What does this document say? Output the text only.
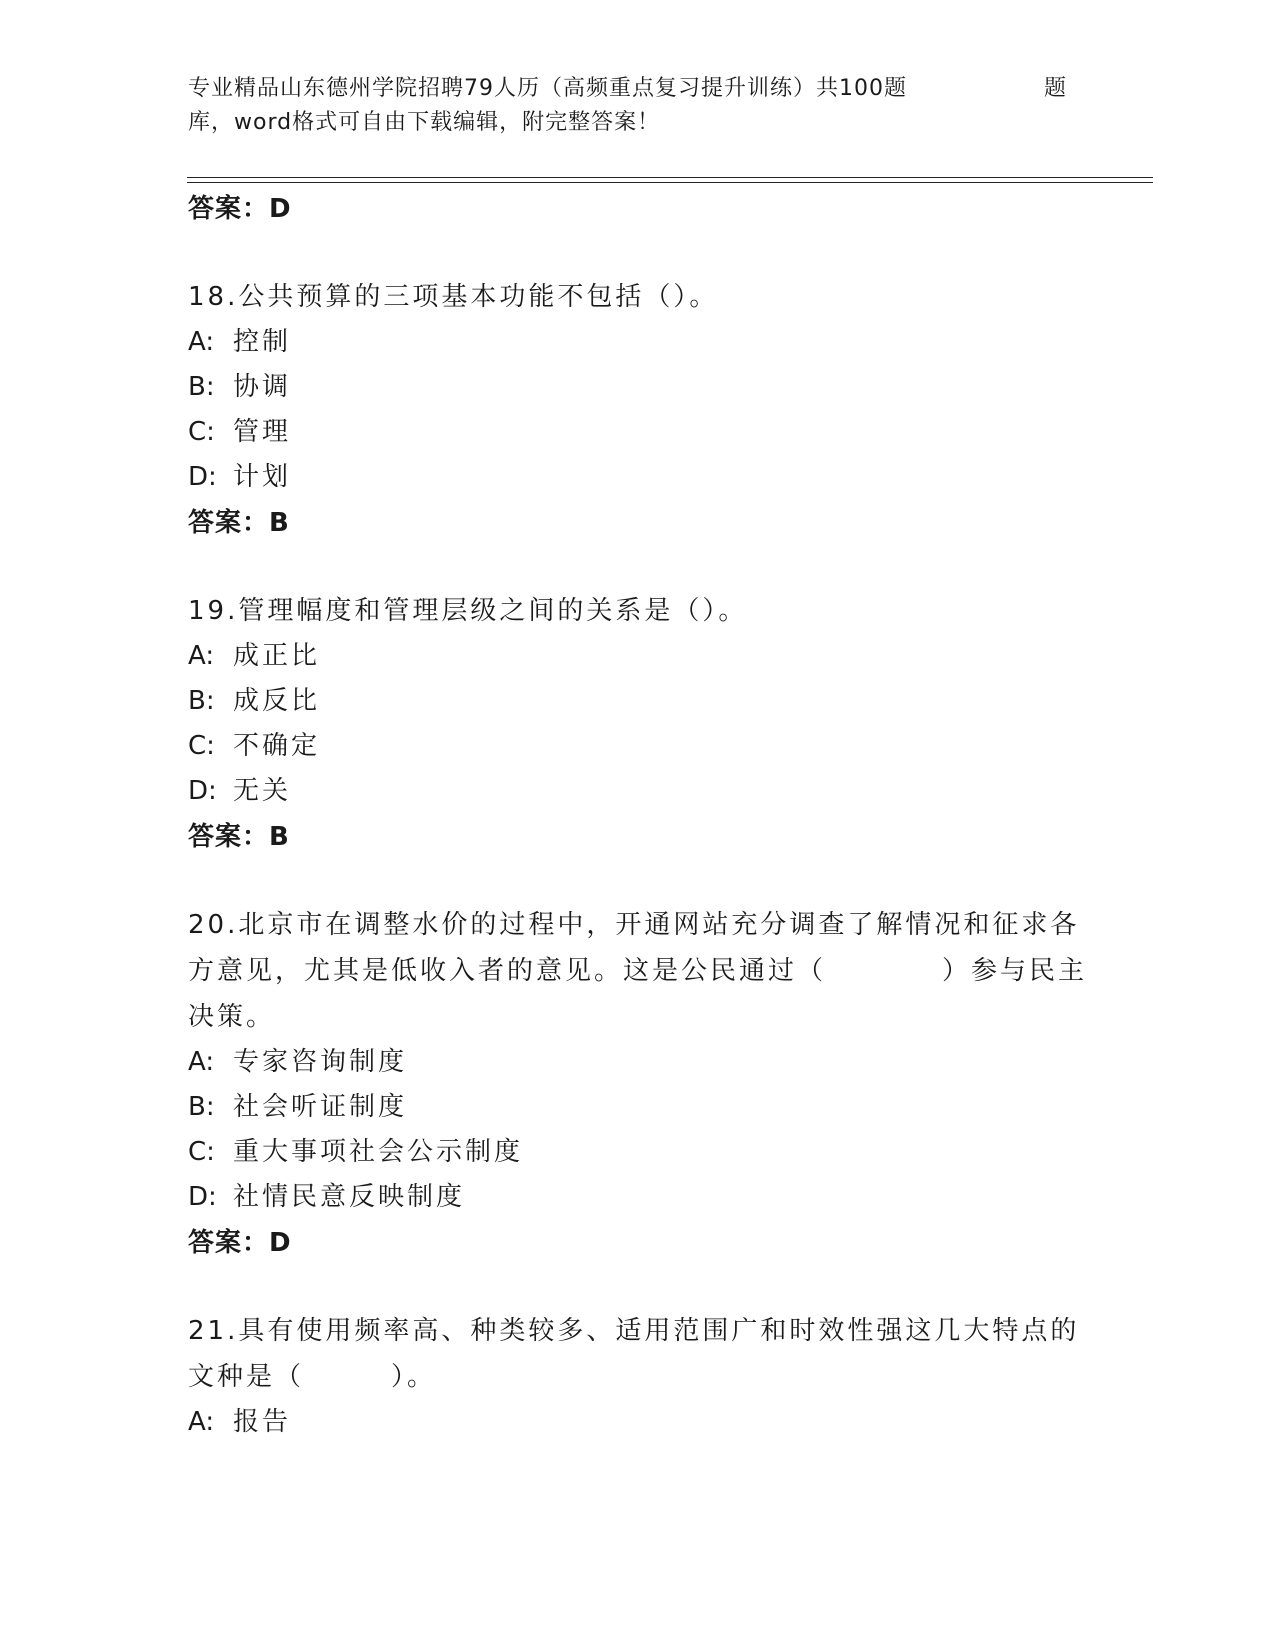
专业精品山东德州学院招聘79人历（高频重点复习提升训练）共100题	题
库，word格式可自由下载编辑，附完整答案！
答案：D
18.公共预算的三项基本功能不包括（）。
A: 控制
B: 协调
C: 管理
D: 计划
答案：B
19.管理幅度和管理层级之间的关系是（）。
A: 成正比
B: 成反比
C: 不确定
D: 无关
答案：B
20.北京市在调整水价的过程中，开通网站充分调查了解情况和征求各方意见，尤其是低收入者的意见。这是公民通过（　　　　）参与民主决策。
A: 专家咨询制度
B: 社会听证制度
C: 重大事项社会公示制度
D: 社情民意反映制度
答案：D
21.具有使用频率高、种类较多、适用范围广和时效性强这几大特点的文种是（　　　）。
A: 报告
